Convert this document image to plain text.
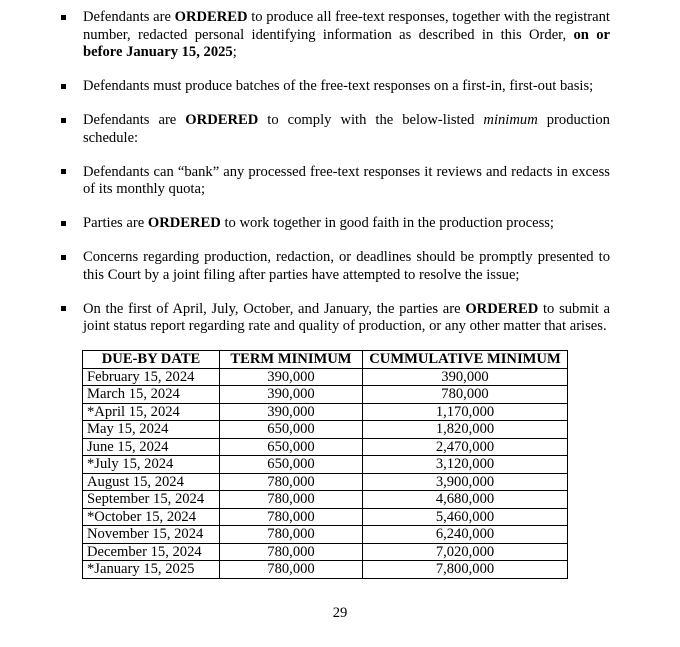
Defendants are ORDERED to produce all free-text responses, together with the registrant number, redacted personal identifying information as described in this Order, on or before January 15, 2025;
Defendants must produce batches of the free-text responses on a first-in, first-out basis;
Defendants are ORDERED to comply with the below-listed minimum production schedule:
Defendants can “bank” any processed free-text responses it reviews and redacts in excess of its monthly quota;
Parties are ORDERED to work together in good faith in the production process;
Concerns regarding production, redaction, or deadlines should be promptly presented to this Court by a joint filing after parties have attempted to resolve the issue;
On the first of April, July, October, and January, the parties are ORDERED to submit a joint status report regarding rate and quality of production, or any other matter that arises.
DUE-BY DATE	TERM MINIMUM	CUMMULATIVE MINIMUM
February 15, 2024	390,000	390,000
March 15, 2024	390,000	780,000
*April 15, 2024	390,000	1,170,000
May 15, 2024	650,000	1,820,000
June 15, 2024	650,000	2,470,000
*July 15, 2024	650,000	3,120,000
August 15, 2024	780,000	3,900,000
September 15, 2024	780,000	4,680,000
*October 15, 2024	780,000	5,460,000
November 15, 2024	780,000	6,240,000
December 15, 2024	780,000	7,020,000
*January 15, 2025	780,000	7,800,000
29
